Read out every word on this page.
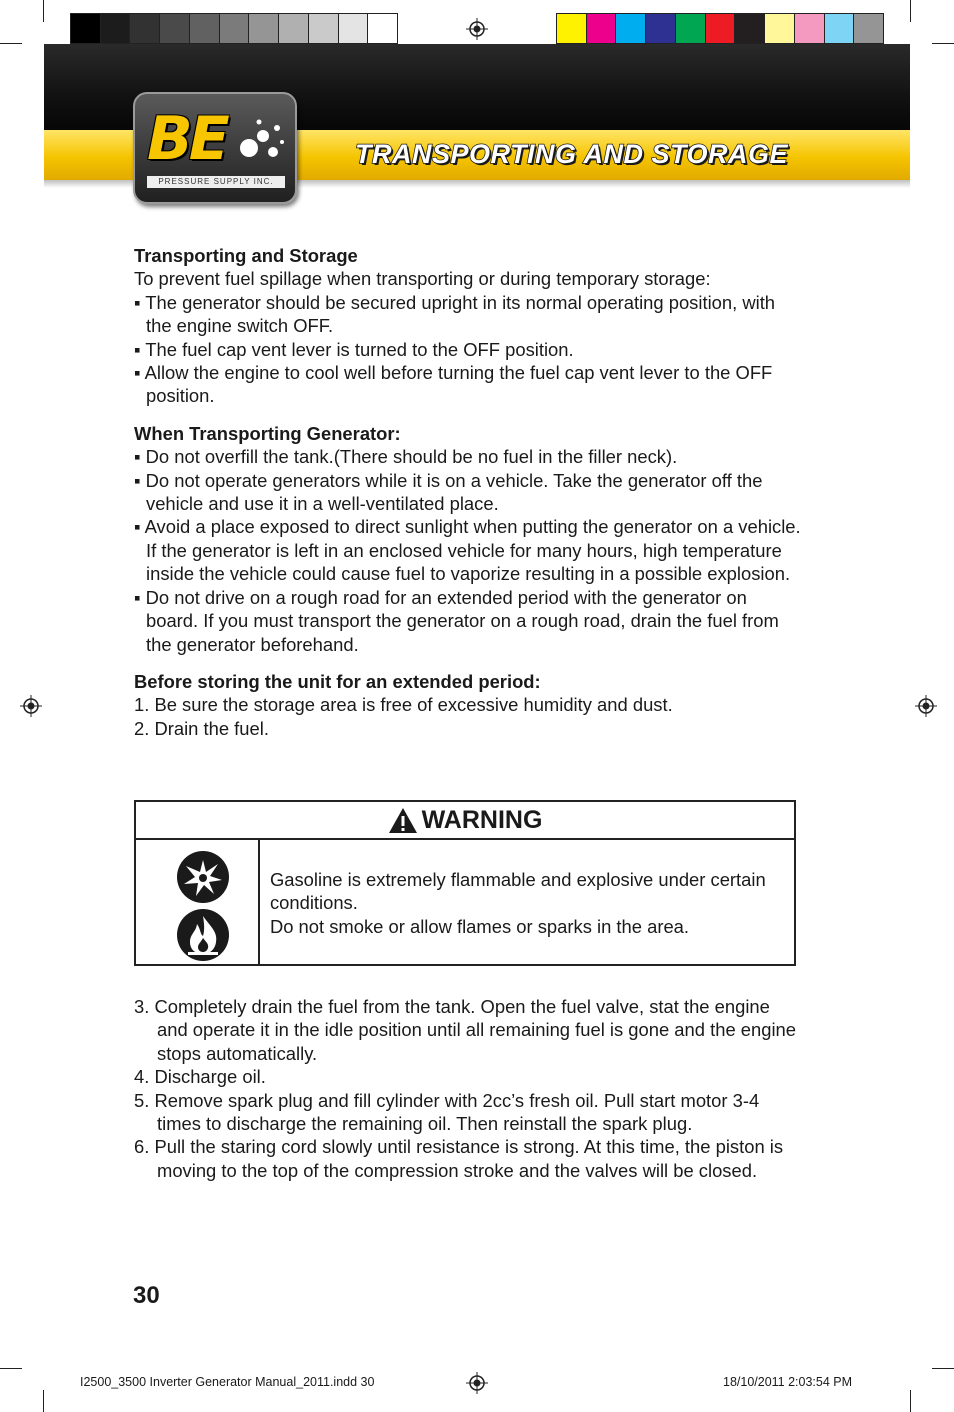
BE
PRESSURE SUPPLY INC.
TRANSPORTING AND STORAGE

Transporting and Storage

To prevent fuel spillage when transporting or during temporary storage:

▪ The generator should be secured upright in its normal operating position, with the engine switch OFF.

▪ The fuel cap vent lever is turned to the OFF position.

▪ Allow the engine to cool well before turning the fuel cap vent lever to the OFF position.

When Transporting Generator:

▪ Do not overfill the tank.(There should be no fuel in the filler neck).

▪ Do not operate generators while it is on a vehicle. Take the generator off the vehicle and use it in a well-ventilated place.

▪ Avoid a place exposed to direct sunlight when putting the generator on a vehicle. If the generator is left in an enclosed vehicle for many hours, high temperature inside the vehicle could cause fuel to vaporize resulting in a possible explosion.

▪ Do not drive on a rough road for an extended period with the generator on board. If you must transport the generator on a rough road, drain the fuel from the generator beforehand.

Before storing the unit for an extended period:

1. Be sure the storage area is free of excessive humidity and dust.

2. Drain the fuel.

WARNING

Gasoline is extremely flammable and explosive under certain conditions.

Do not smoke or allow flames or sparks in the area.

3. Completely drain the fuel from the tank. Open the fuel valve, stat the engine and operate it in the idle position until all remaining fuel is gone and the engine stops automatically.

4. Discharge oil.

5. Remove spark plug and fill cylinder with 2cc’s fresh oil. Pull start motor 3-4 times to discharge the remaining oil. Then reinstall the spark plug.

6. Pull the staring cord slowly until resistance is strong. At this time, the piston is moving to the top of the compression stroke and the valves will be closed.

30
I2500_3500 Inverter Generator Manual_2011.indd 30	18/10/2011 2:03:54 PM
